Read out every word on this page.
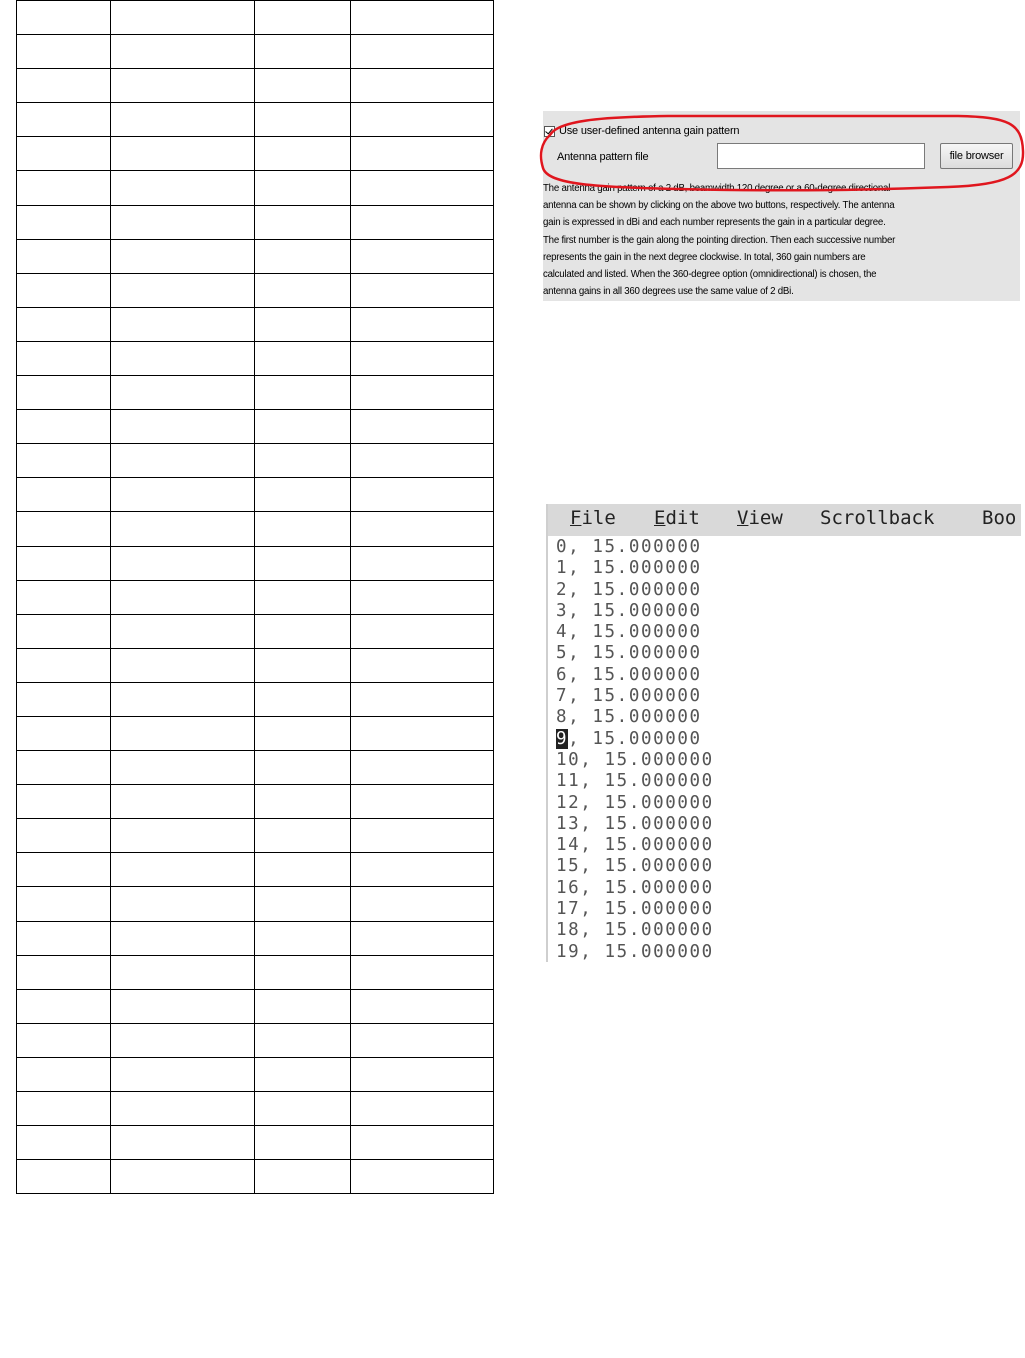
Use user-defined antenna gain pattern
Antenna pattern file	file browser

The antenna gain pattern of a 2 dB, beamwidth 120 degree or a 60-degree directional
antenna can be shown by clicking on the above two buttons, respectively. The antenna
gain is expressed in dBi and each number represents the gain in a particular degree.
The first number is the gain along the pointing direction. Then each successive number
represents the gain in the next degree clockwise. In total, 360 gain numbers are
calculated and listed. When the 360-degree option (omnidirectional) is chosen, the
antenna gains in all 360 degrees use the same value of 2 dBi.

File Edit View Scrollback	Boo
0, 15.000000
1, 15.000000
2, 15.000000
3, 15.000000
4, 15.000000
5, 15.000000
6, 15.000000
7, 15.000000
8, 15.000000
9, 15.000000
10, 15.000000
11, 15.000000
12, 15.000000
13, 15.000000
14, 15.000000
15, 15.000000
16, 15.000000
17, 15.000000
18, 15.000000
19, 15.000000
